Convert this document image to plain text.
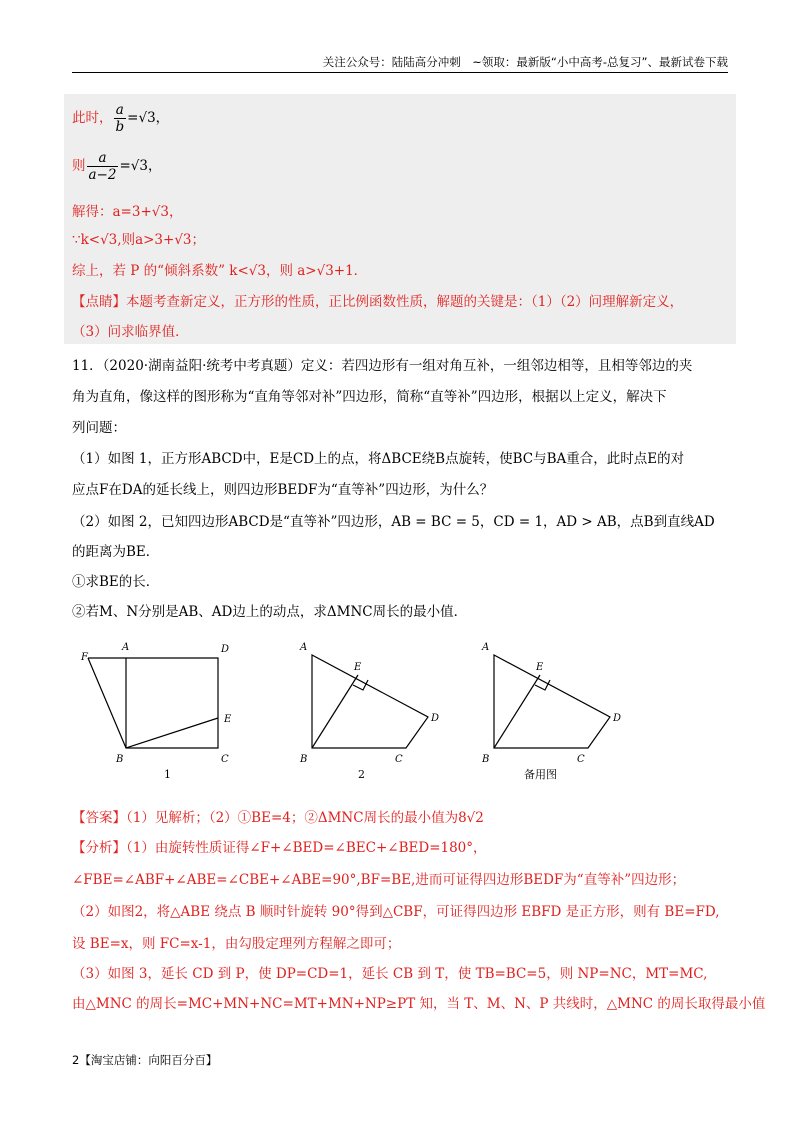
关注公众号：陆陆高分冲刺　~领取：最新版“小中高考-总复习”、最新试卷下载
此时， $\frac{a}{b} =√3$，
则 $\frac{a}{a-2} =√3$，
解得：a=3+√3，
∵k<√3,则a>3+√3；
综上，若 P 的“倾斜系数” k<√3，则 a>√3+1．
【点睛】本题考查新定义，正方形的性质，正比例函数性质，解题的关键是：（1）（2）问理解新定义，
（3）问求临界值．
11．（2020·湖南益阳·统考中考真题）定义：若四边形有一组对角互补，一组邻边相等，且相等邻边的夹
角为直角，像这样的图形称为“直角等邻对补”四边形，简称“直等补”四边形，根据以上定义，解决下
列问题：
（1）如图 1，正方形ABCD中，E是CD上的点，将ΔBCE绕B点旋转，使BC与BA重合，此时点E的对
应点F在DA的延长线上，则四边形BEDF为“直等补”四边形，为什么？
（2）如图 2，已知四边形ABCD是“直等补”四边形，AB = BC = 5，CD = 1，AD > AB，点B到直线AD
的距离为BE．
①求BE的长．
②若M、N分别是AB、AD边上的动点，求ΔMNC周长的最小值．
F
A	D
E
B	C
1
A
E
D
B	C
2
A
E
D
B	C
备用图
【答案】（1）见解析；（2）①BE=4；②ΔMNC周长的最小值为8√2
【分析】（1）由旋转性质证得∠F+∠BED=∠BEC+∠BED=180°，
∠FBE=∠ABF+∠ABE=∠CBE+∠ABE=90°,BF=BE,进而可证得四边形BEDF为“直等补”四边形；
（2）如图2，将△ABE 绕点 B 顺时针旋转 90°得到△CBF，可证得四边形 EBFD 是正方形，则有 BE=FD,
设 BE=x，则 FC=x-1，由勾股定理列方程解之即可；
（3）如图 3，延长 CD 到 P，使 DP=CD=1，延长 CB 到 T，使 TB=BC=5，则 NP=NC，MT=MC,
由△MNC 的周长=MC+MN+NC=MT+MN+NP≥PT 知，当 T、M、N、P 共线时，△MNC 的周长取得最小值
2【淘宝店铺：向阳百分百】
